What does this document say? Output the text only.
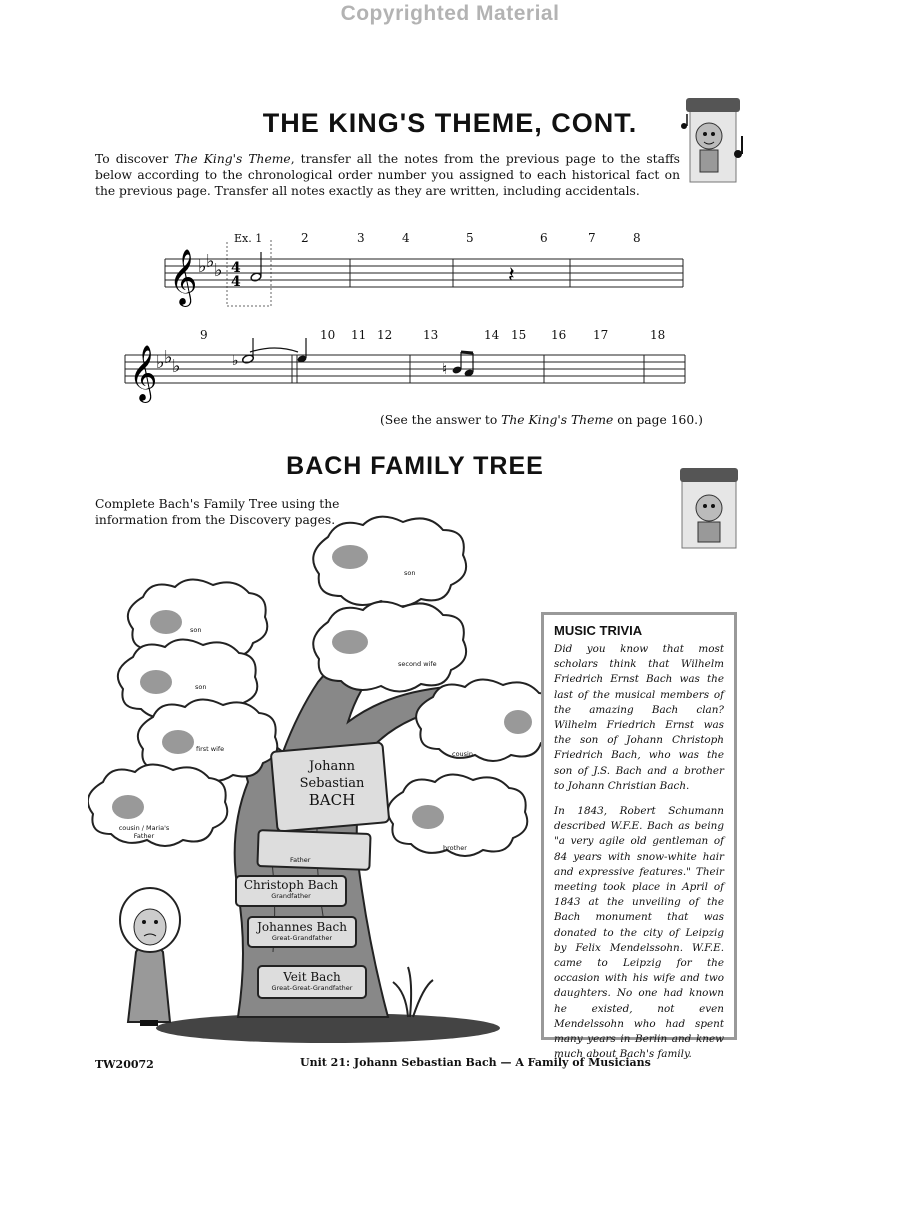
Copyrighted Material
THE KING'S THEME, CONT.
To discover The King's Theme, transfer all the notes from the previous page to the staffs below according to the chronological order number you assigned to each historical fact on the previous page. Transfer all notes exactly as they are written, including accidentals.
Ex. 1	2	3	4	5	6	7	8
𝄞 ♭ ♭ ♭ 4
4	𝄽
9	10 11 12	13	14 15 16 17	18
𝄞
♭ ♭ ♭	♭	♮
(See the answer to The King's Theme on page 160.)
BACH FAMILY TREE
Complete Bach's Family Tree using the information from the Discovery pages.
son
son
son
second wife
first wife
cousin
cousin / Maria's Father
brother
Johann
Sebastian
BACH
Father
Christoph Bach
Grandfather
Johannes Bach
Great-Grandfather
Veit Bach
Great-Great-Grandfather
MUSIC TRIVIA

Did you know that most scholars think that Wilhelm Friedrich Ernst Bach was the last of the musical members of the amazing Bach clan? Wilhelm Friedrich Ernst was the son of Johann Christoph Friedrich Bach, who was the son of J.S. Bach and a brother to Johann Christian Bach.

In 1843, Robert Schumann described W.F.E. Bach as being "a very agile old gentleman of 84 years with snow-white hair and expressive features." Their meeting took place in April of 1843 at the unveiling of the Bach monument that was donated to the city of Leipzig by Felix Mendelssohn. W.F.E. came to Leipzig for the occasion with his wife and two daughters. No one had known he existed, not even Mendelssohn who had spent many years in Berlin and knew much about Bach's family.

TW20072	Unit 21: Johann Sebastian Bach — A Family of Musicians
